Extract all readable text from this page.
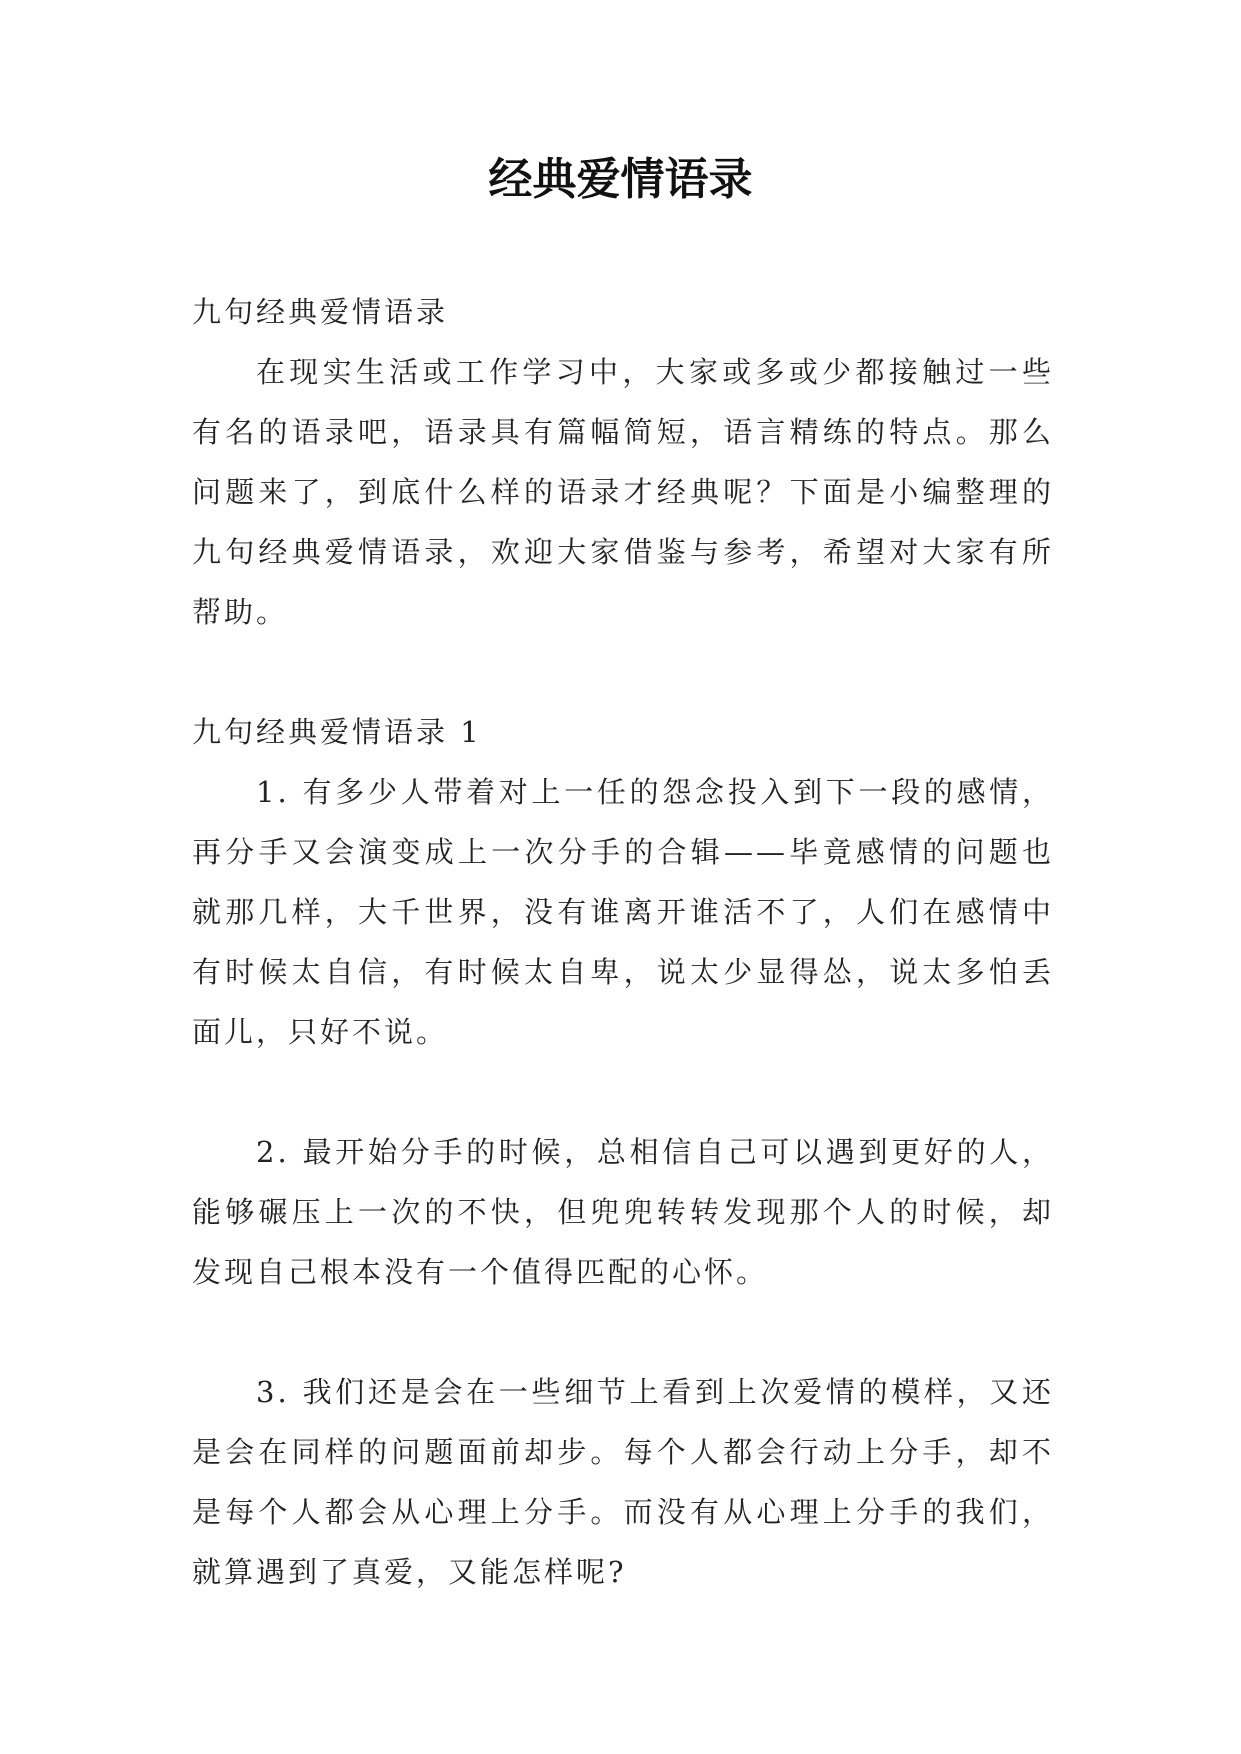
经典爱情语录

九句经典爱情语录

在现实生活或工作学习中，大家或多或少都接触过一些有名的语录吧，语录具有篇幅简短，语言精练的特点。那么问题来了，到底什么样的语录才经典呢？下面是小编整理的九句经典爱情语录，欢迎大家借鉴与参考，希望对大家有所帮助。

九句经典爱情语录 1

1. 有多少人带着对上一任的怨念投入到下一段的感情，再分手又会演变成上一次分手的合辑——毕竟感情的问题也就那几样，大千世界，没有谁离开谁活不了，人们在感情中有时候太自信，有时候太自卑，说太少显得怂，说太多怕丢面儿，只好不说。

2. 最开始分手的时候，总相信自己可以遇到更好的人，能够碾压上一次的不快，但兜兜转转发现那个人的时候，却发现自己根本没有一个值得匹配的心怀。

3. 我们还是会在一些细节上看到上次爱情的模样，又还是会在同样的问题面前却步。每个人都会行动上分手，却不是每个人都会从心理上分手。而没有从心理上分手的我们，就算遇到了真爱，又能怎样呢?
